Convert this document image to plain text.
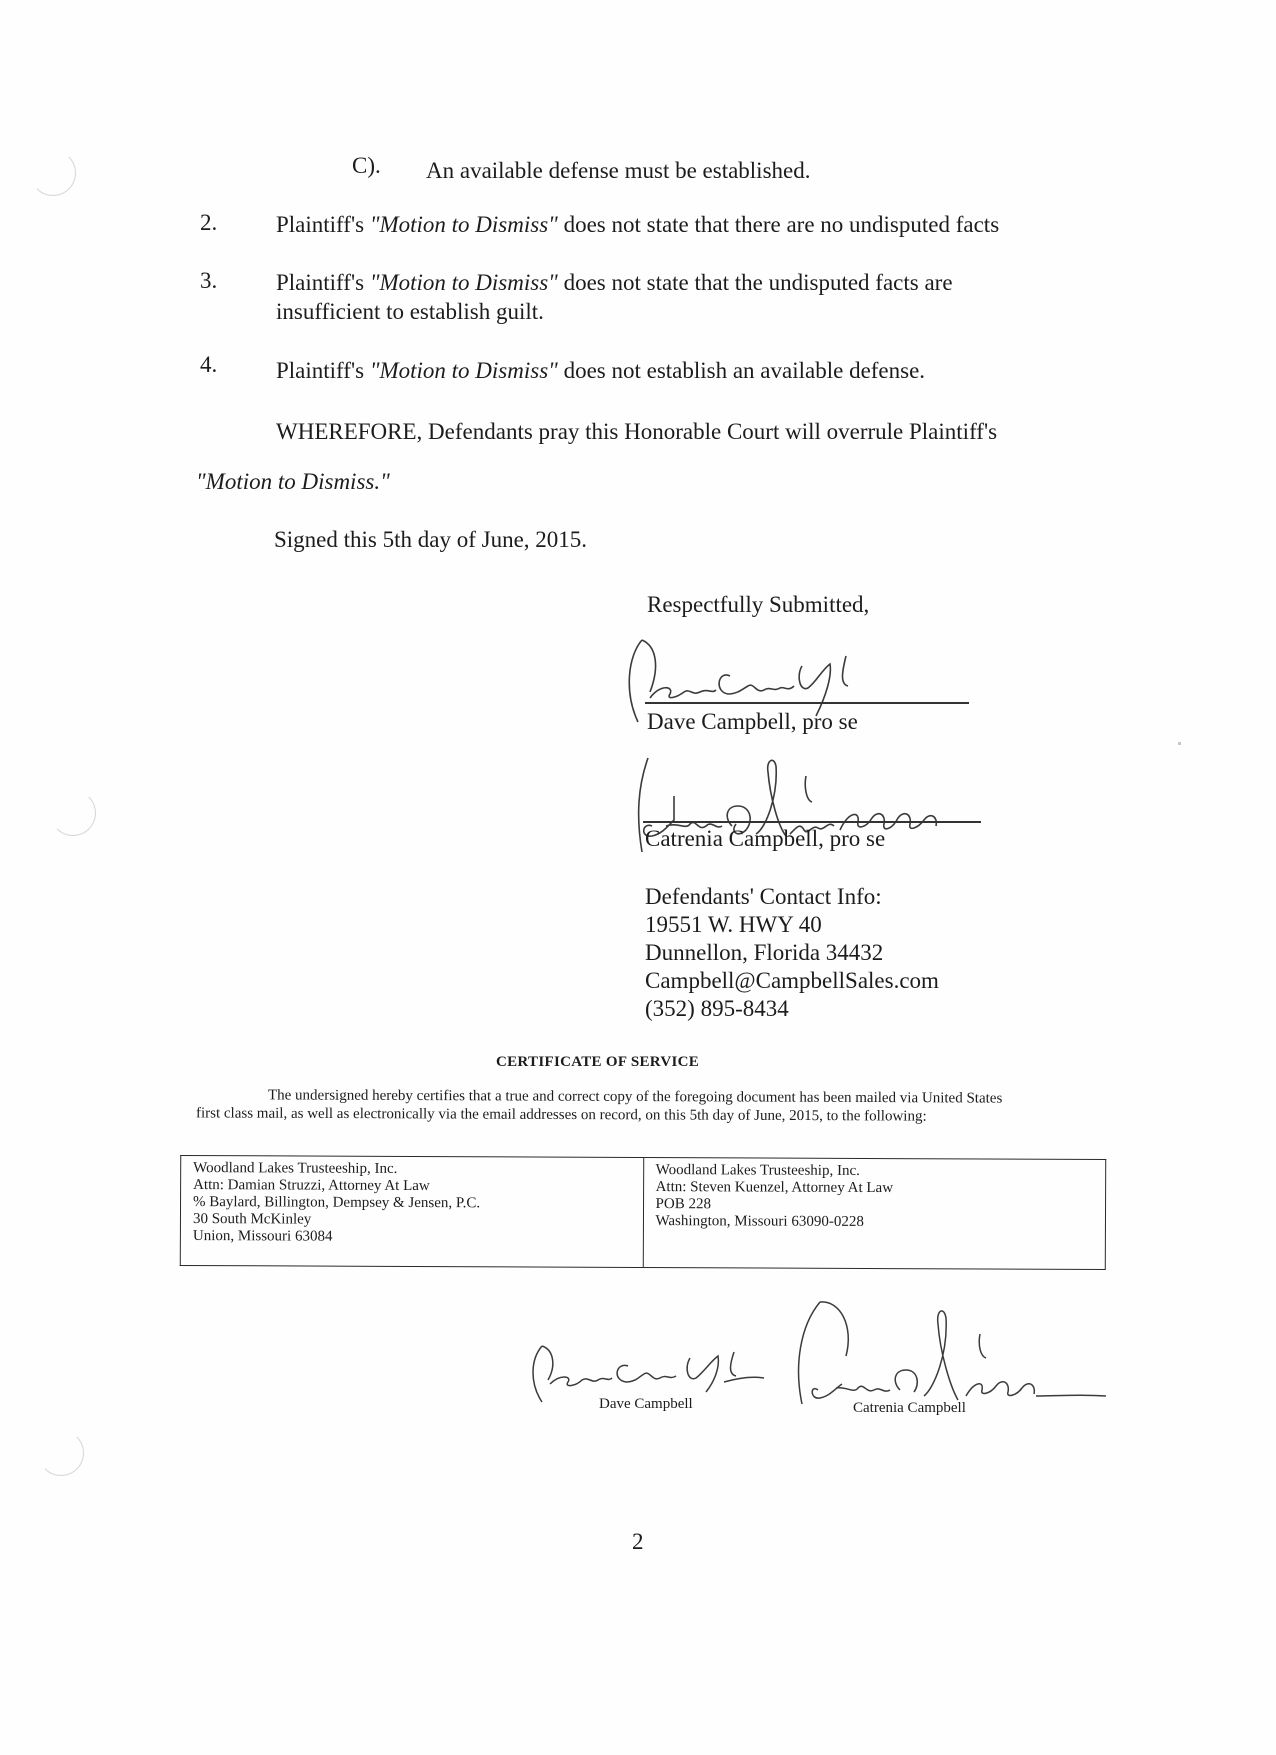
C). An available defense must be established.
2.	Plaintiff's "Motion to Dismiss" does not state that there are no undisputed facts
3.	Plaintiff's "Motion to Dismiss" does not state that the undisputed facts are
insufficient to establish guilt.
4.	Plaintiff's "Motion to Dismiss" does not establish an available defense.
WHEREFORE, Defendants pray this Honorable Court will overrule Plaintiff's
"Motion to Dismiss."
Signed this 5th day of June, 2015.
Respectfully Submitted,
Dave Campbell, pro se
Catrenia Campbell, pro se
Defendants' Contact Info:
19551 W. HWY 40
Dunnellon, Florida 34432
Campbell@CampbellSales.com
(352) 895-8434
CERTIFICATE OF SERVICE
The undersigned hereby certifies that a true and correct copy of the foregoing document has been mailed via United States
first class mail, as well as electronically via the email addresses on record, on this 5th day of June, 2015, to the following:
Woodland Lakes Trusteeship, Inc.
Attn: Damian Struzzi, Attorney At Law
% Baylard, Billington, Dempsey & Jensen, P.C.
30 South McKinley
Union, Missouri 63084

Woodland Lakes Trusteeship, Inc.
Attn: Steven Kuenzel, Attorney At Law
POB 228
Washington, Missouri 63090-0228
Dave Campbell	Catrenia Campbell
2
